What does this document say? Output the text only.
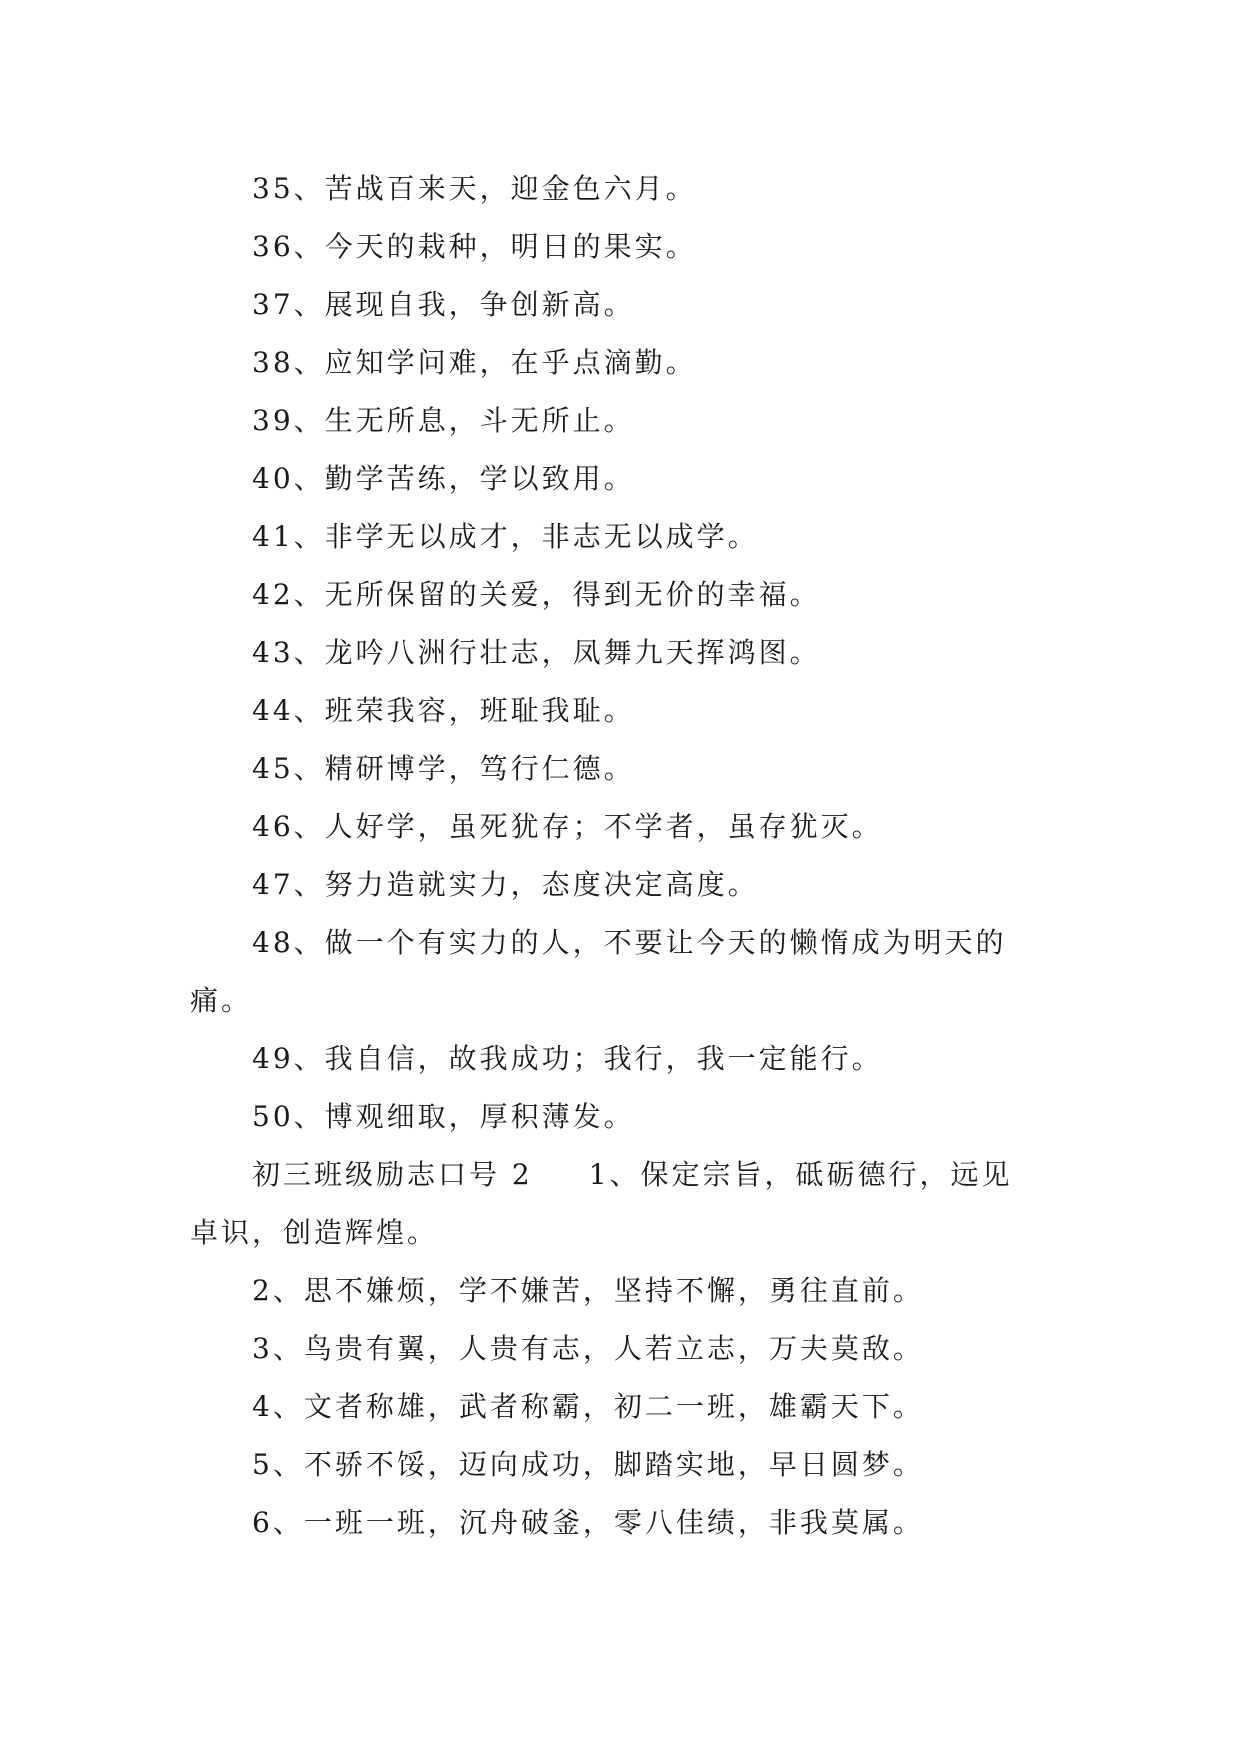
35、苦战百来天，迎金色六月。
36、今天的栽种，明日的果实。
37、展现自我，争创新高。
38、应知学问难，在乎点滴勤。
39、生无所息，斗无所止。
40、勤学苦练，学以致用。
41、非学无以成才，非志无以成学。
42、无所保留的关爱，得到无价的幸福。
43、龙吟八洲行壮志，凤舞九天挥鸿图。
44、班荣我容，班耻我耻。
45、精研博学，笃行仁德。
46、人好学，虽死犹存；不学者，虽存犹灭。
47、努力造就实力，态度决定高度。
48、做一个有实力的人，不要让今天的懒惰成为明天的
痛。
49、我自信，故我成功；我行，我一定能行。
50、博观细取，厚积薄发。
初三班级励志口号 2 1、保定宗旨，砥砺德行，远见
卓识，创造辉煌。
2、思不嫌烦，学不嫌苦，坚持不懈，勇往直前。
3、鸟贵有翼，人贵有志，人若立志，万夫莫敌。
4、文者称雄，武者称霸，初二一班，雄霸天下。
5、不骄不馁，迈向成功，脚踏实地，早日圆梦。
6、一班一班，沉舟破釜，零八佳绩，非我莫属。
